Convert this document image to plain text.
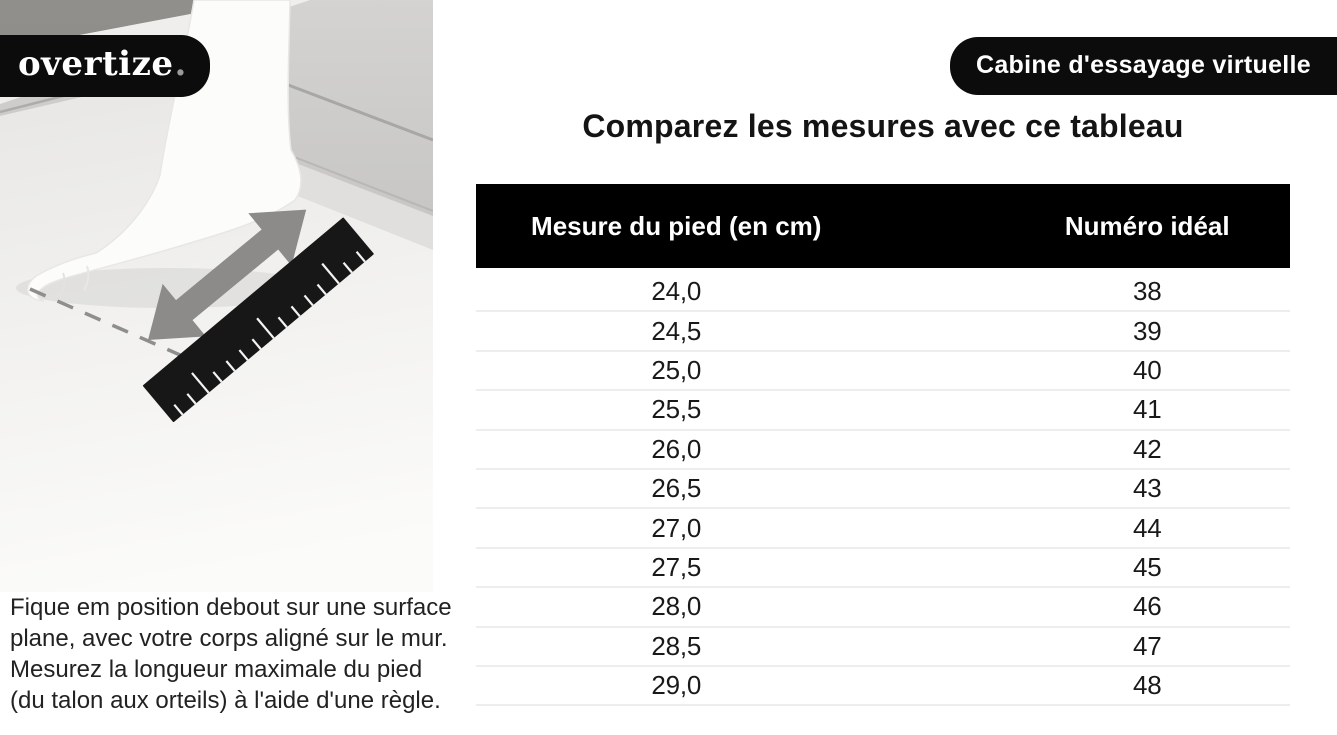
overtize .	Cabine d'essayage virtuelle
Comparez les mesures avec ce tableau
Mesure du pied (en cm)	Numéro idéal
24,0	38
24,5	39
25,0	40
25,5	41
26,0	42
26,5	43
27,0	44
27,5	45
28,0	46
28,5	47
29,0	48
Fique em position debout sur une surface plane, avec votre corps aligné sur le mur. Mesurez la longueur maximale du pied (du talon aux orteils) à l'aide d'une règle.
